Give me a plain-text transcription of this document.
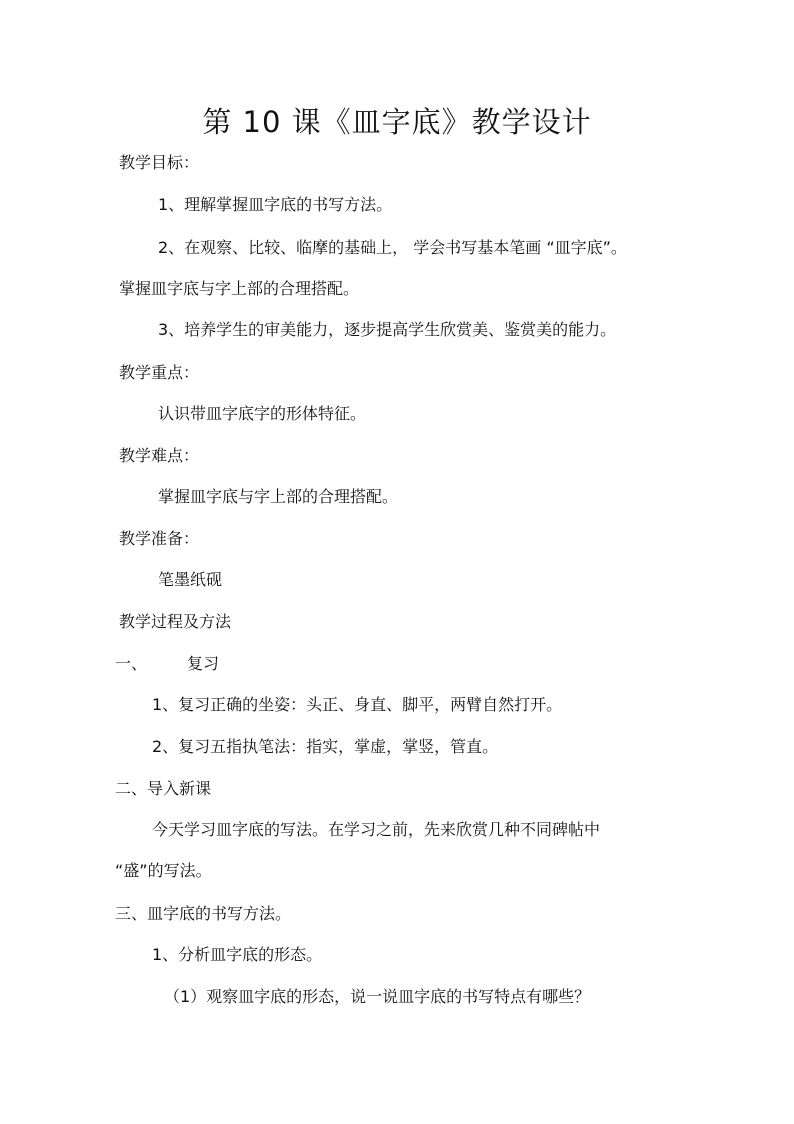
第 10 课《皿字底》教学设计
教学目标：
1、理解掌握皿字底的书写方法。
2、在观察、比较、临摩的基础上， 学会书写基本笔画 “皿字底”。
掌握皿字底与字上部的合理搭配。
3、培养学生的审美能力，逐步提高学生欣赏美、鉴赏美的能力。
教学重点：
认识带皿字底字的形体特征。
教学难点：
掌握皿字底与字上部的合理搭配。
教学准备：
笔墨纸砚
教学过程及方法
一、	复习
1、复习正确的坐姿：头正、身直、脚平，两臂自然打开。
2、复习五指执笔法：指实，掌虚，掌竖，管直。
二、导入新课
今天学习皿字底的写法。在学习之前，先来欣赏几种不同碑帖中
“盛”的写法。
三、皿字底的书写方法。
1、分析皿字底的形态。
（1）观察皿字底的形态，说一说皿字底的书写特点有哪些？
